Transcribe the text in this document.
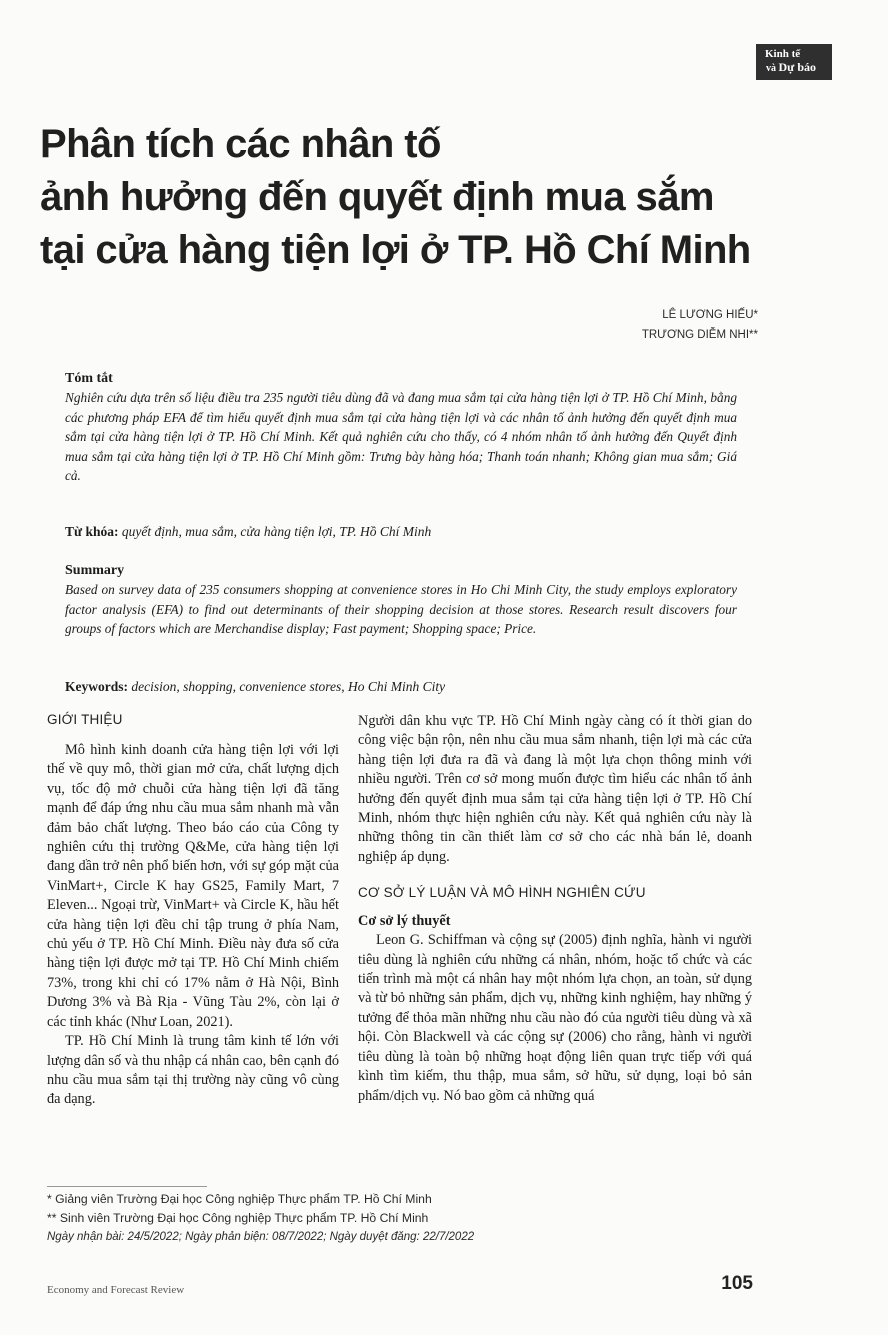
Kinh tế
và Dự báo
Phân tích các nhân tố
ảnh hưởng đến quyết định mua sắm
tại cửa hàng tiện lợi ở TP. Hồ Chí Minh
LÊ LƯƠNG HIẾU*
TRƯƠNG DIỄM NHI**

Tóm tắt

Nghiên cứu dựa trên số liệu điều tra 235 người tiêu dùng đã và đang mua sắm tại cửa hàng tiện lợi ở TP. Hồ Chí Minh, bằng các phương pháp EFA để tìm hiểu quyết định mua sắm tại cửa hàng tiện lợi và các nhân tố ảnh hưởng đến quyết định mua sắm tại cửa hàng tiện lợi ở TP. Hồ Chí Minh. Kết quả nghiên cứu cho thấy, có 4 nhóm nhân tố ảnh hưởng đến Quyết định mua sắm tại cửa hàng tiện lợi ở TP. Hồ Chí Minh gồm: Trưng bày hàng hóa; Thanh toán nhanh; Không gian mua sắm; Giá cả.

Từ khóa: quyết định, mua sắm, cửa hàng tiện lợi, TP. Hồ Chí Minh

Summary

Based on survey data of 235 consumers shopping at convenience stores in Ho Chi Minh City, the study employs exploratory factor analysis (EFA) to find out determinants of their shopping decision at those stores. Research result discovers four groups of factors which are Merchandise display; Fast payment; Shopping space; Price.

Keywords: decision, shopping, convenience stores, Ho Chi Minh City

GIỚI THIỆU

Mô hình kinh doanh cửa hàng tiện lợi với lợi thế về quy mô, thời gian mở cửa, chất lượng dịch vụ, tốc độ mở chuỗi cửa hàng tiện lợi đã tăng mạnh để đáp ứng nhu cầu mua sắm nhanh mà vẫn đảm bảo chất lượng. Theo báo cáo của Công ty nghiên cứu thị trường Q&Me, cửa hàng tiện lợi đang dần trở nên phổ biến hơn, với sự góp mặt của VinMart+, Circle K hay GS25, Family Mart, 7 Eleven... Ngoại trừ, VinMart+ và Circle K, hầu hết cửa hàng tiện lợi đều chỉ tập trung ở phía Nam, chủ yếu ở TP. Hồ Chí Minh. Điều này đưa số cửa hàng tiện lợi được mở tại TP. Hồ Chí Minh chiếm 73%, trong khi chỉ có 17% nằm ở Hà Nội, Bình Dương 3% và Bà Rịa - Vũng Tàu 2%, còn lại ở các tỉnh khác (Như Loan, 2021).

TP. Hồ Chí Minh là trung tâm kinh tế lớn với lượng dân số và thu nhập cá nhân cao, bên cạnh đó nhu cầu mua sắm tại thị trường này cũng vô cùng đa dạng.

Người dân khu vực TP. Hồ Chí Minh ngày càng có ít thời gian do công việc bận rộn, nên nhu cầu mua sắm nhanh, tiện lợi mà các cửa hàng tiện lợi đưa ra đã và đang là một lựa chọn thông minh với nhiều người. Trên cơ sở mong muốn được tìm hiểu các nhân tố ảnh hưởng đến quyết định mua sắm tại cửa hàng tiện lợi ở TP. Hồ Chí Minh, nhóm thực hiện nghiên cứu này. Kết quả nghiên cứu này là những thông tin cần thiết làm cơ sở cho các nhà bán lẻ, doanh nghiệp áp dụng.

CƠ SỞ LÝ LUẬN VÀ MÔ HÌNH NGHIÊN CỨU

Cơ sở lý thuyết

Leon G. Schiffman và cộng sự (2005) định nghĩa, hành vi người tiêu dùng là nghiên cứu những cá nhân, nhóm, hoặc tổ chức và các tiến trình mà một cá nhân hay một nhóm lựa chọn, an toàn, sử dụng và từ bỏ những sản phẩm, dịch vụ, những kinh nghiệm, hay những ý tưởng để thỏa mãn những nhu cầu nào đó của người tiêu dùng và xã hội. Còn Blackwell và các cộng sự (2006) cho rằng, hành vi người tiêu dùng là toàn bộ những hoạt động liên quan trực tiếp với quá kình tìm kiếm, thu thập, mua sắm, sở hữu, sử dụng, loại bỏ sản phẩm/dịch vụ. Nó bao gồm cả những quá

* Giảng viên Trường Đại học Công nghiệp Thực phẩm TP. Hồ Chí Minh
** Sinh viên Trường Đại học Công nghiệp Thực phẩm TP. Hồ Chí Minh
Ngày nhận bài: 24/5/2022; Ngày phản biện: 08/7/2022; Ngày duyệt đăng: 22/7/2022
Economy and Forecast Review	105
